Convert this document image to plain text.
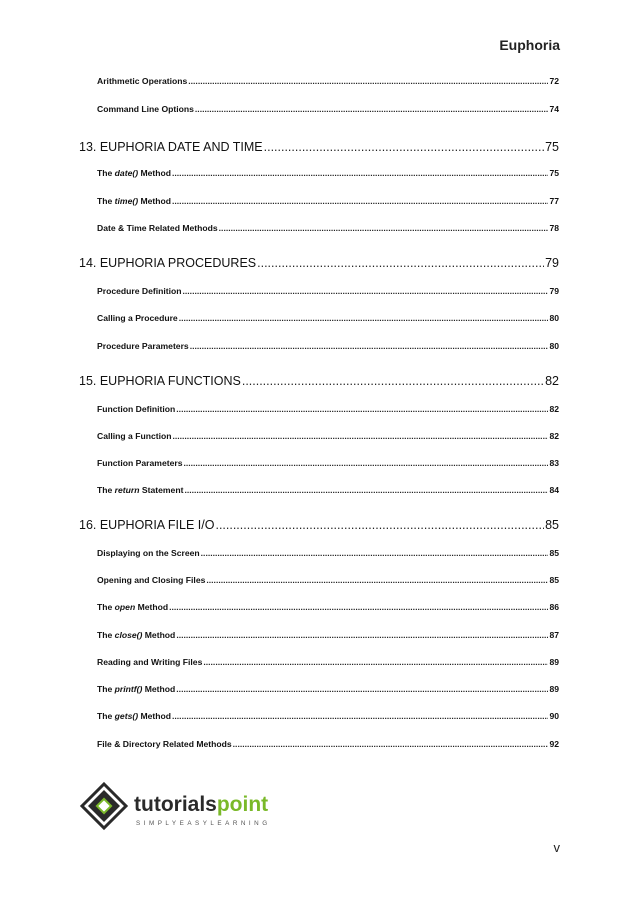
Euphoria
Arithmetic Operations .....	72
Command Line Options .....	74
13. EUPHORIA DATE AND TIME .....	75
The date() Method .....	75
The time() Method .....	77
Date & Time Related Methods .....	78
14. EUPHORIA PROCEDURES .....	79
Procedure Definition .....	79
Calling a Procedure .....	80
Procedure Parameters .....	80
15. EUPHORIA FUNCTIONS .....	82
Function Definition .....	82
Calling a Function .....	82
Function Parameters .....	83
The return Statement .....	84
16. EUPHORIA FILE I/O .....	85
Displaying on the Screen .....	85
Opening and Closing Files .....	85
The open Method .....	86
The close() Method .....	87
Reading and Writing Files .....	89
The printf() Method .....	89
The gets() Method .....	90
File & Directory Related Methods .....	92
tutorialspoint
SIMPLYEASYLEARNING
v
